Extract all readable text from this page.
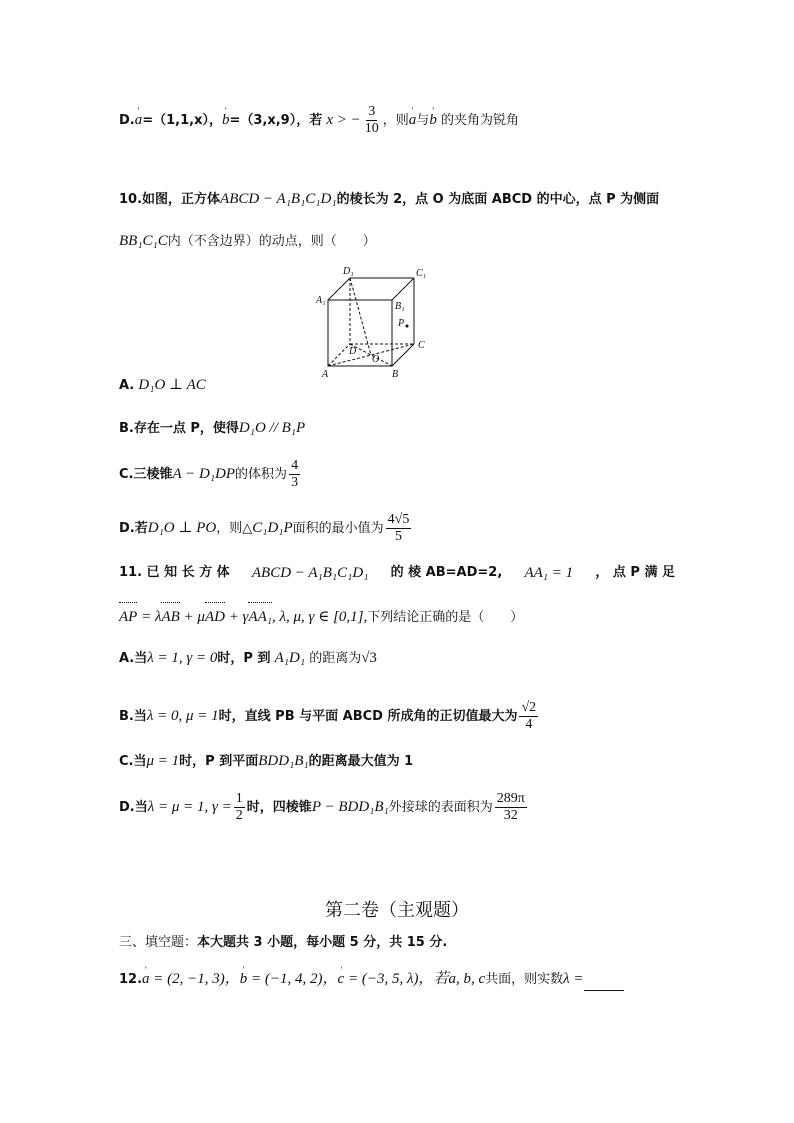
D.' a=（1,1,x），' b=（3,x,9），若 x > − $\frac{3}{10}$ ，则' a与' b 的夹角为锐角
10.如图，正方体ABCD − A₁B₁C₁D₁的棱长为 2，点 O 为底面 ABCD 的中心，点 P 为侧面
BB₁C₁C内（不含边界）的动点，则（　　）
D₁	C₁
A₁
B₁
P
D
O
C
A	B
A. D₁O ⊥ AC
B.存在一点 P，使得D₁O // B₁P
C.三棱锥A − D₁DP的体积为 $\frac{4}{3}$
D.若D₁O ⊥ PO，则△C₁D₁P面积的最小值为 $\frac{4√5}{5}$
11. 已 知 长 方 体 ABCD − A₁B₁C₁D₁ 的 棱 AB=AD=2, AA₁ = 1 ， 点 P 满 足
AP = λAB + μAD + γAA₁, λ, μ, γ ∈ [0,1],下列结论正确的是（　　）
A.当λ = 1, γ = 0时，P 到 A₁D₁ 的距离为√3
B.当λ = 0, μ = 1时，直线 PB 与平面 ABCD 所成角的正切值最大为 $\frac{√2}{4}$
C.当μ = 1时，P 到平面BDD₁B₁的距离最大值为 1
D.当λ = μ = 1, $\gamma = \frac{1}{2}$ 时，四棱锥P − BDD₁B₁外接球的表面积为 $\frac{289\pi}{32}$
第二卷（主观题）
三、填空题：本大题共 3 小题，每小题 5 分，共 15 分.
12.' a = (2, −1, 3)，' b = (−1, 4, 2)，' c = (−3, 5, λ)，若a, b, c共面，则实数λ =
